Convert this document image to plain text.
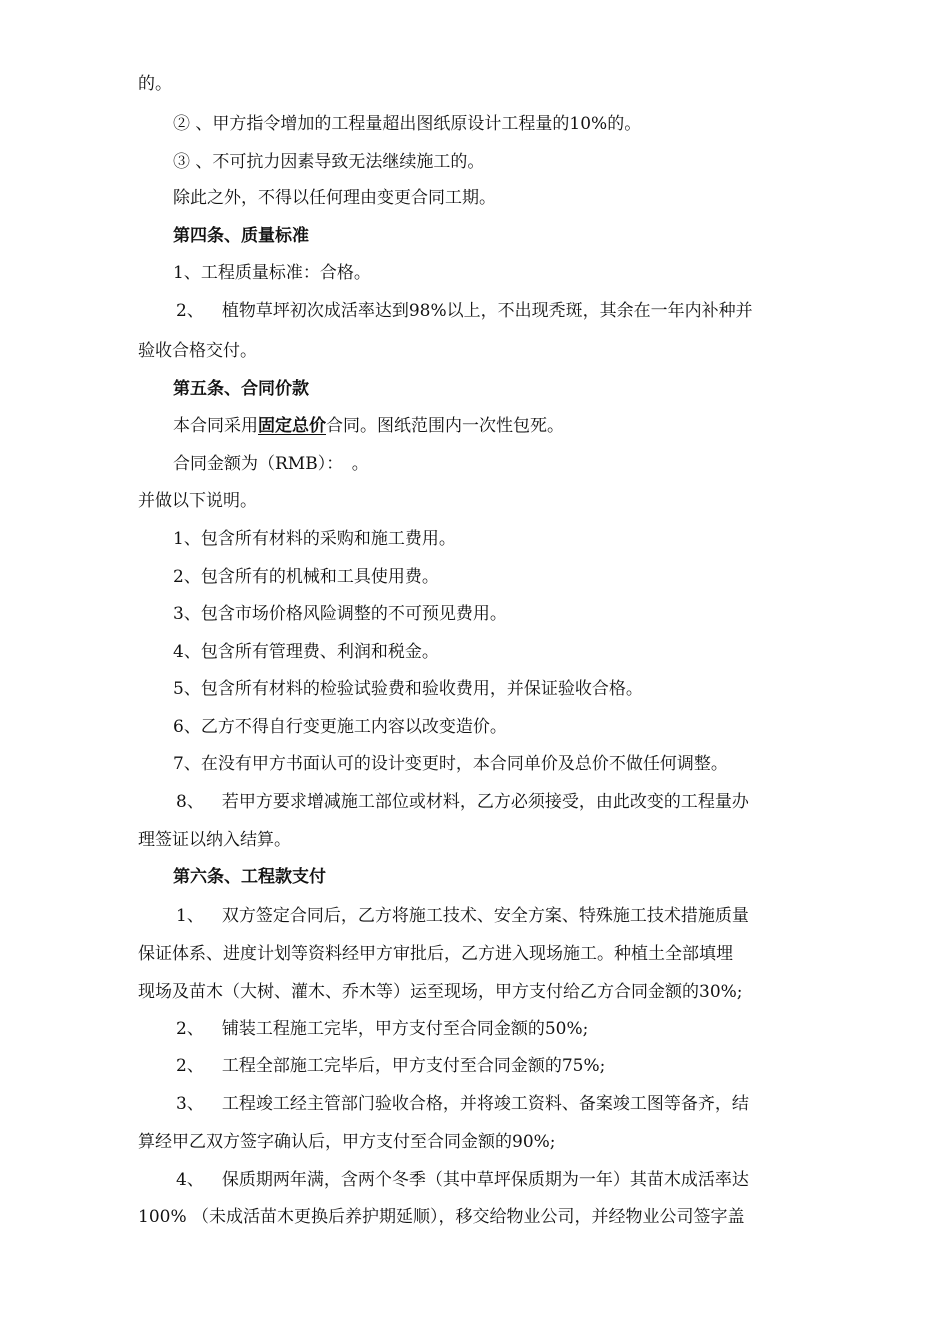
的。
② 、甲方指令增加的工程量超出图纸原设计工程量的10%的。
③ 、不可抗力因素导致无法继续施工的。
除此之外，不得以任何理由变更合同工期。
第四条、质量标准
1、工程质量标准：合格。
2、 植物草坪初次成活率达到98%以上，不出现秃斑，其余在一年内补种并
验收合格交付。
第五条、合同价款
本合同采用固定总价合同。图纸范围内一次性包死。
合同金额为（RMB）：　。
并做以下说明。
1、包含所有材料的采购和施工费用。
2、包含所有的机械和工具使用费。
3、包含市场价格风险调整的不可预见费用。
4、包含所有管理费、利润和税金。
5、包含所有材料的检验试验费和验收费用，并保证验收合格。
6、乙方不得自行变更施工内容以改变造价。
7、在没有甲方书面认可的设计变更时，本合同单价及总价不做任何调整。
8、 若甲方要求增减施工部位或材料，乙方必须接受，由此改变的工程量办
理签证以纳入结算。
第六条、工程款支付
1、 双方签定合同后，乙方将施工技术、安全方案、特殊施工技术措施质量
保证体系、进度计划等资料经甲方审批后，乙方进入现场施工。种植土全部填埋
现场及苗木（大树、灌木、乔木等）运至现场，甲方支付给乙方合同金额的30%;
2、 铺装工程施工完毕，甲方支付至合同金额的50%;
2、 工程全部施工完毕后，甲方支付至合同金额的75%;
3、 工程竣工经主管部门验收合格，并将竣工资料、备案竣工图等备齐，结
算经甲乙双方签字确认后，甲方支付至合同金额的90%;
4、 保质期两年满，含两个冬季（其中草坪保质期为一年）其苗木成活率达
100% （未成活苗木更换后养护期延顺），移交给物业公司，并经物业公司签字盖
